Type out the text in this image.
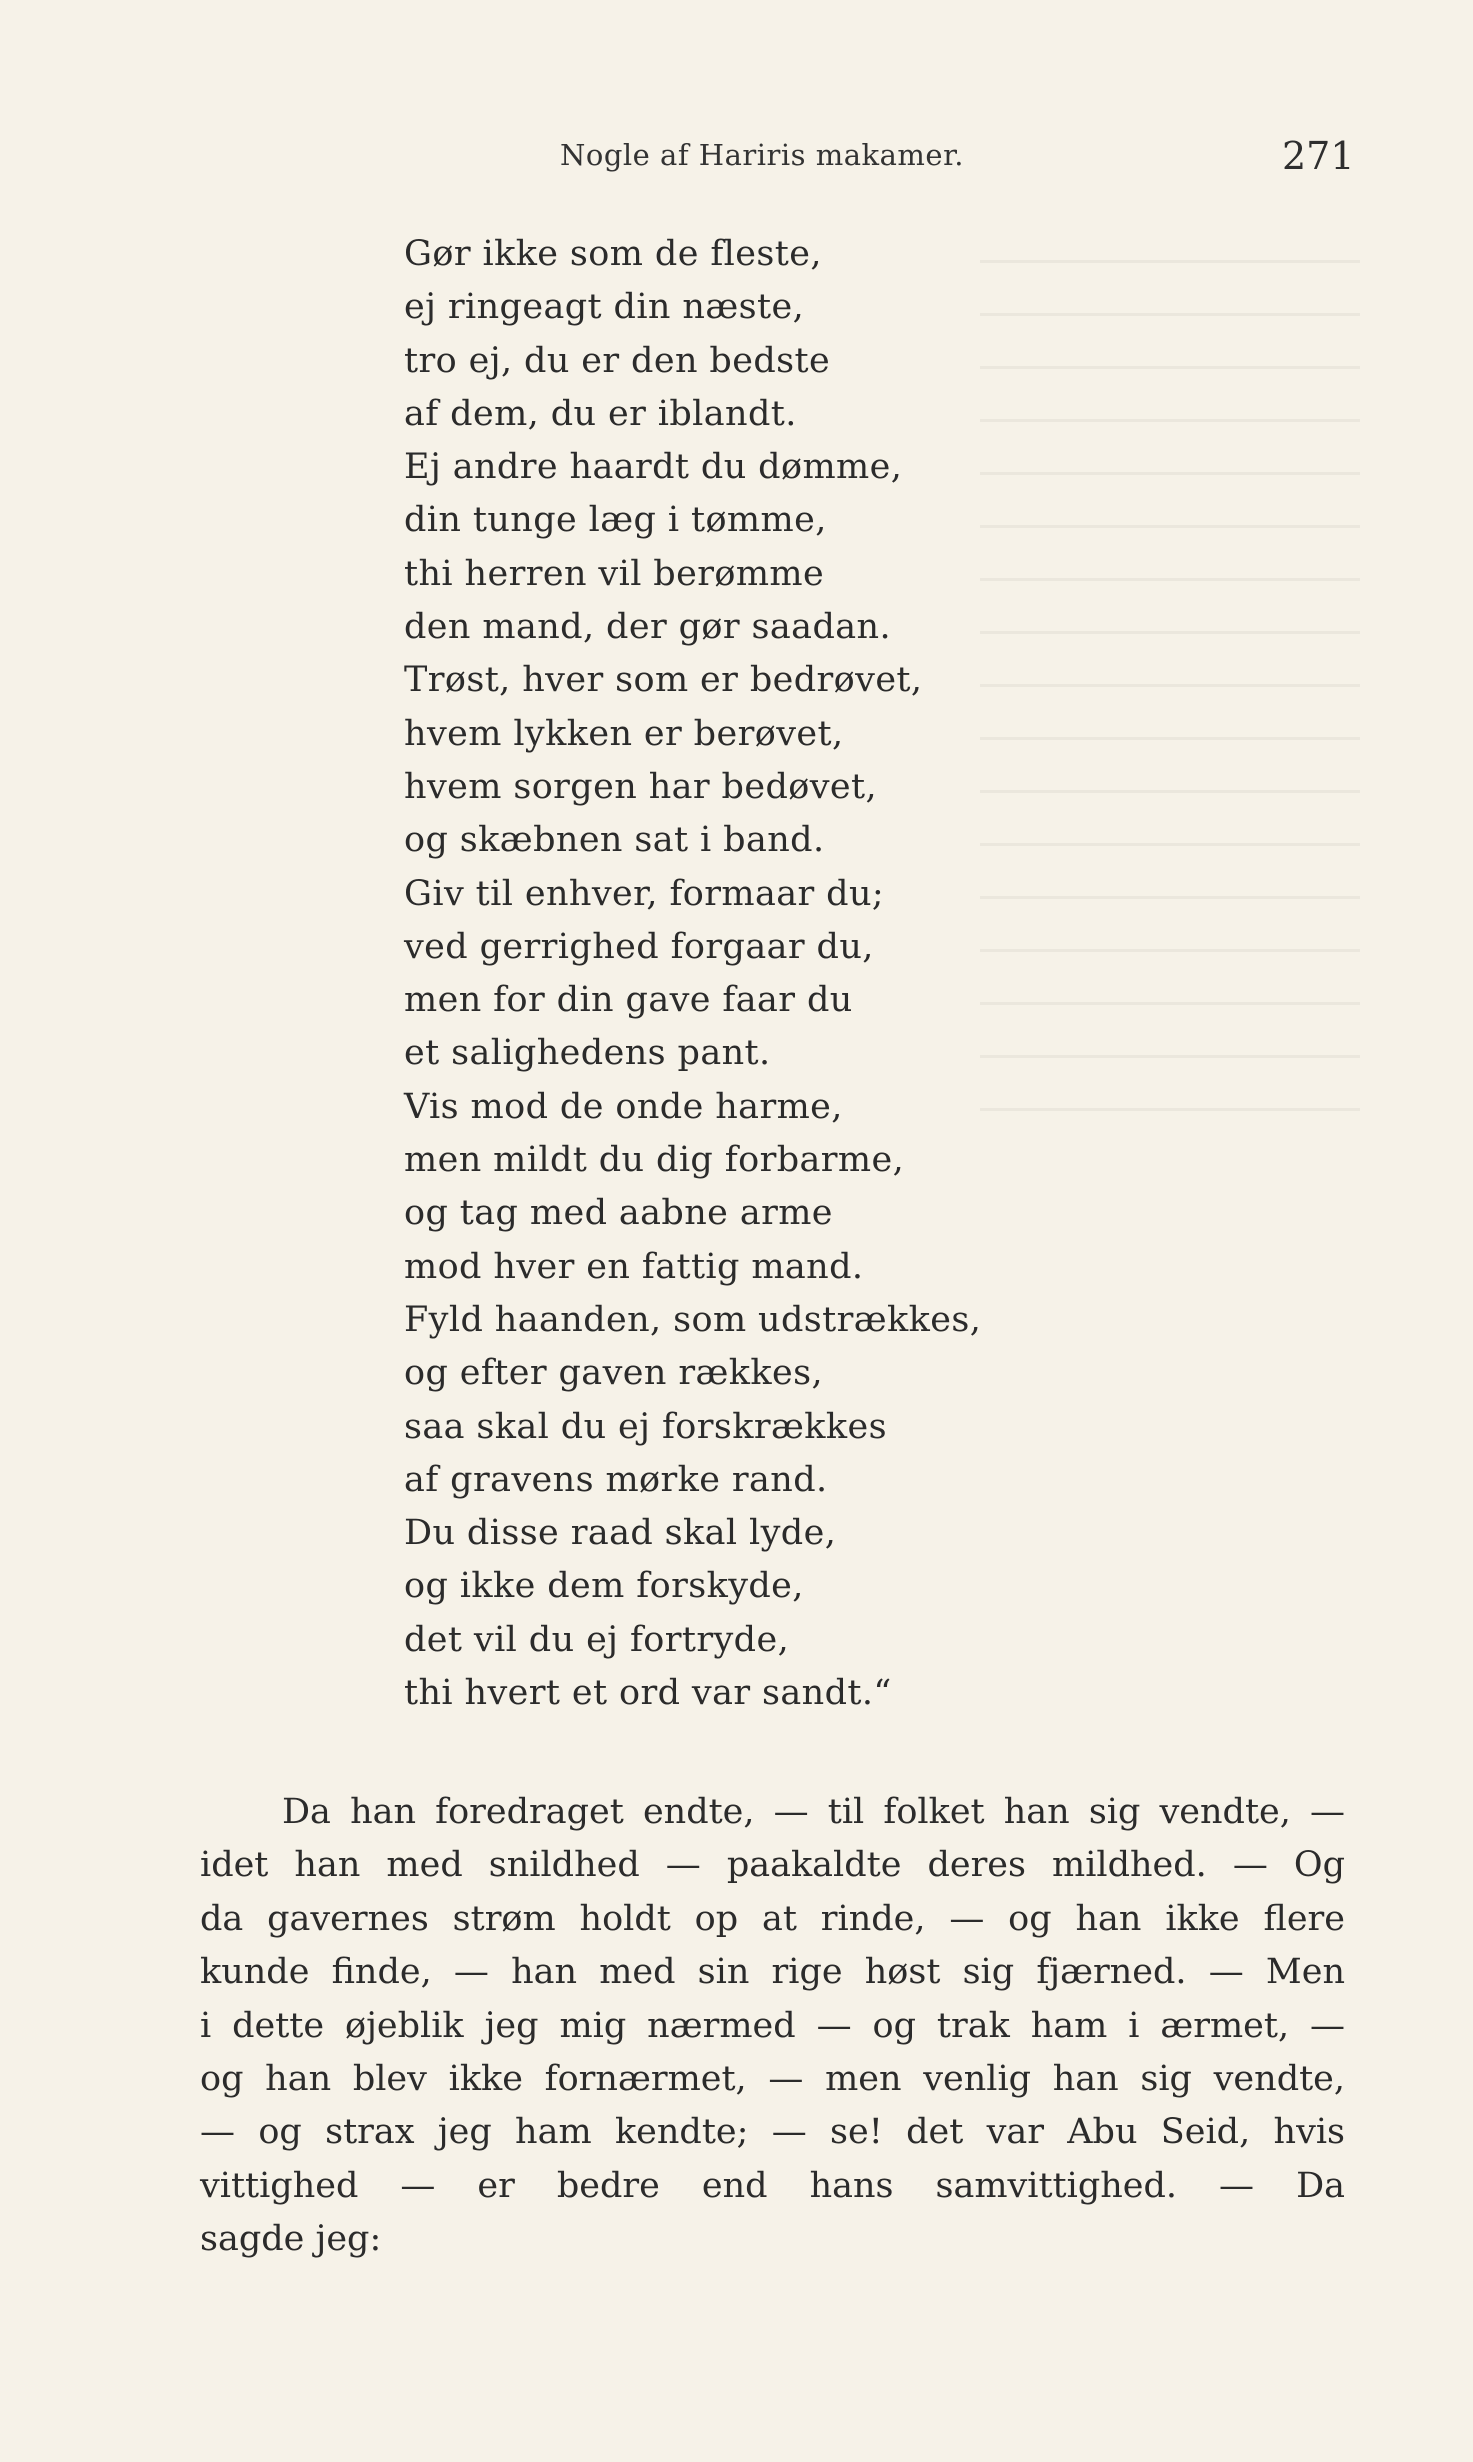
Nogle af Hariris makamer.	271
Gør ikke som de fleste,
ej ringeagt din næste,
tro ej, du er den bedste
af dem, du er iblandt.
Ej andre haardt du dømme,
din tunge læg i tømme,
thi herren vil berømme
den mand, der gør saadan.
Trøst, hver som er bedrøvet,
hvem lykken er berøvet,
hvem sorgen har bedøvet,
og skæbnen sat i band.
Giv til enhver, formaar du;
ved gerrighed forgaar du,
men for din gave faar du
et salighedens pant.
Vis mod de onde harme,
men mildt du dig forbarme,
og tag med aabne arme
mod hver en fattig mand.
Fyld haanden, som udstrækkes,
og efter gaven rækkes,
saa skal du ej forskrækkes
af gravens mørke rand.
Du disse raad skal lyde,
og ikke dem forskyde,
det vil du ej fortryde,
thi hvert et ord var sandt.“
Da han foredraget endte, — til folket han sig vendte, —
idet han med snildhed — paakaldte deres mildhed. — Og
da gavernes strøm holdt op at rinde, — og han ikke flere
kunde finde, — han med sin rige høst sig fjærned. — Men
i dette øjeblik jeg mig nærmed — og trak ham i ærmet, —
og han blev ikke fornærmet, — men venlig han sig vendte,
— og strax jeg ham kendte; — se! det var Abu Seid, hvis
vittighed — er bedre end hans samvittighed. — Da
sagde jeg:
